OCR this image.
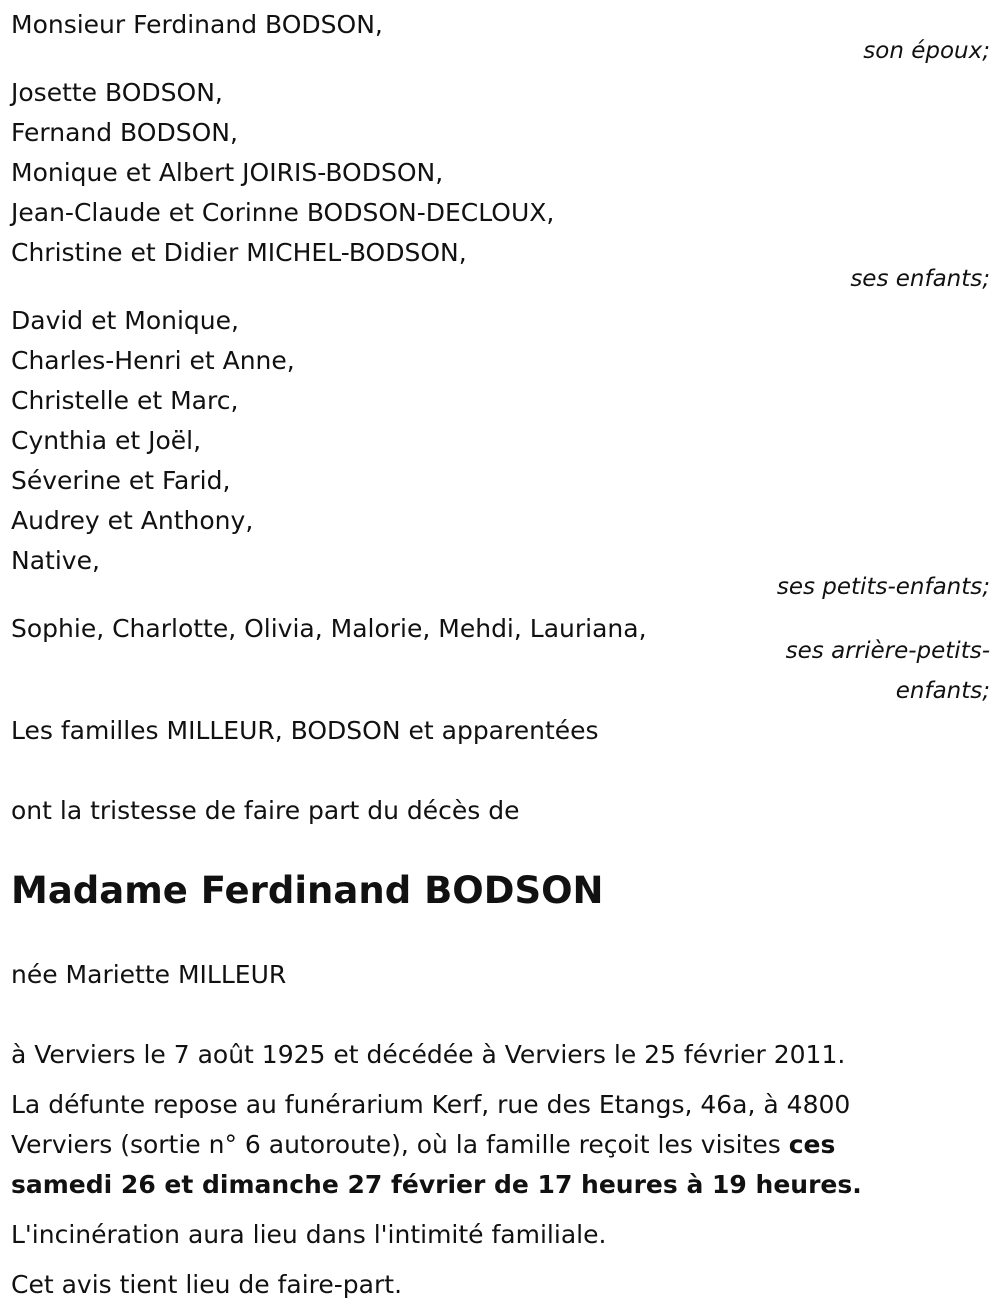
Monsieur Ferdinand BODSON,
son époux;
Josette BODSON,
Fernand BODSON,
Monique et Albert JOIRIS-BODSON,
Jean-Claude et Corinne BODSON-DECLOUX,
Christine et Didier MICHEL-BODSON,
ses enfants;
David et Monique,
Charles-Henri et Anne,
Christelle et Marc,
Cynthia et Joël,
Séverine et Farid,
Audrey et Anthony,
Native,
ses petits-enfants;
Sophie, Charlotte, Olivia, Malorie, Mehdi, Lauriana,
ses arrière-petits-
enfants;
Les familles MILLEUR, BODSON et apparentées
ont la tristesse de faire part du décès de
Madame Ferdinand BODSON
née Mariette MILLEUR
à Verviers le 7 août 1925 et décédée à Verviers le 25 février 2011.
La défunte repose au funérarium Kerf, rue des Etangs, 46a, à 4800 Verviers (sortie n° 6 autoroute), où la famille reçoit les visites ces samedi 26 et dimanche 27 février de 17 heures à 19 heures.
L'incinération aura lieu dans l'intimité familiale.
Cet avis tient lieu de faire-part.
